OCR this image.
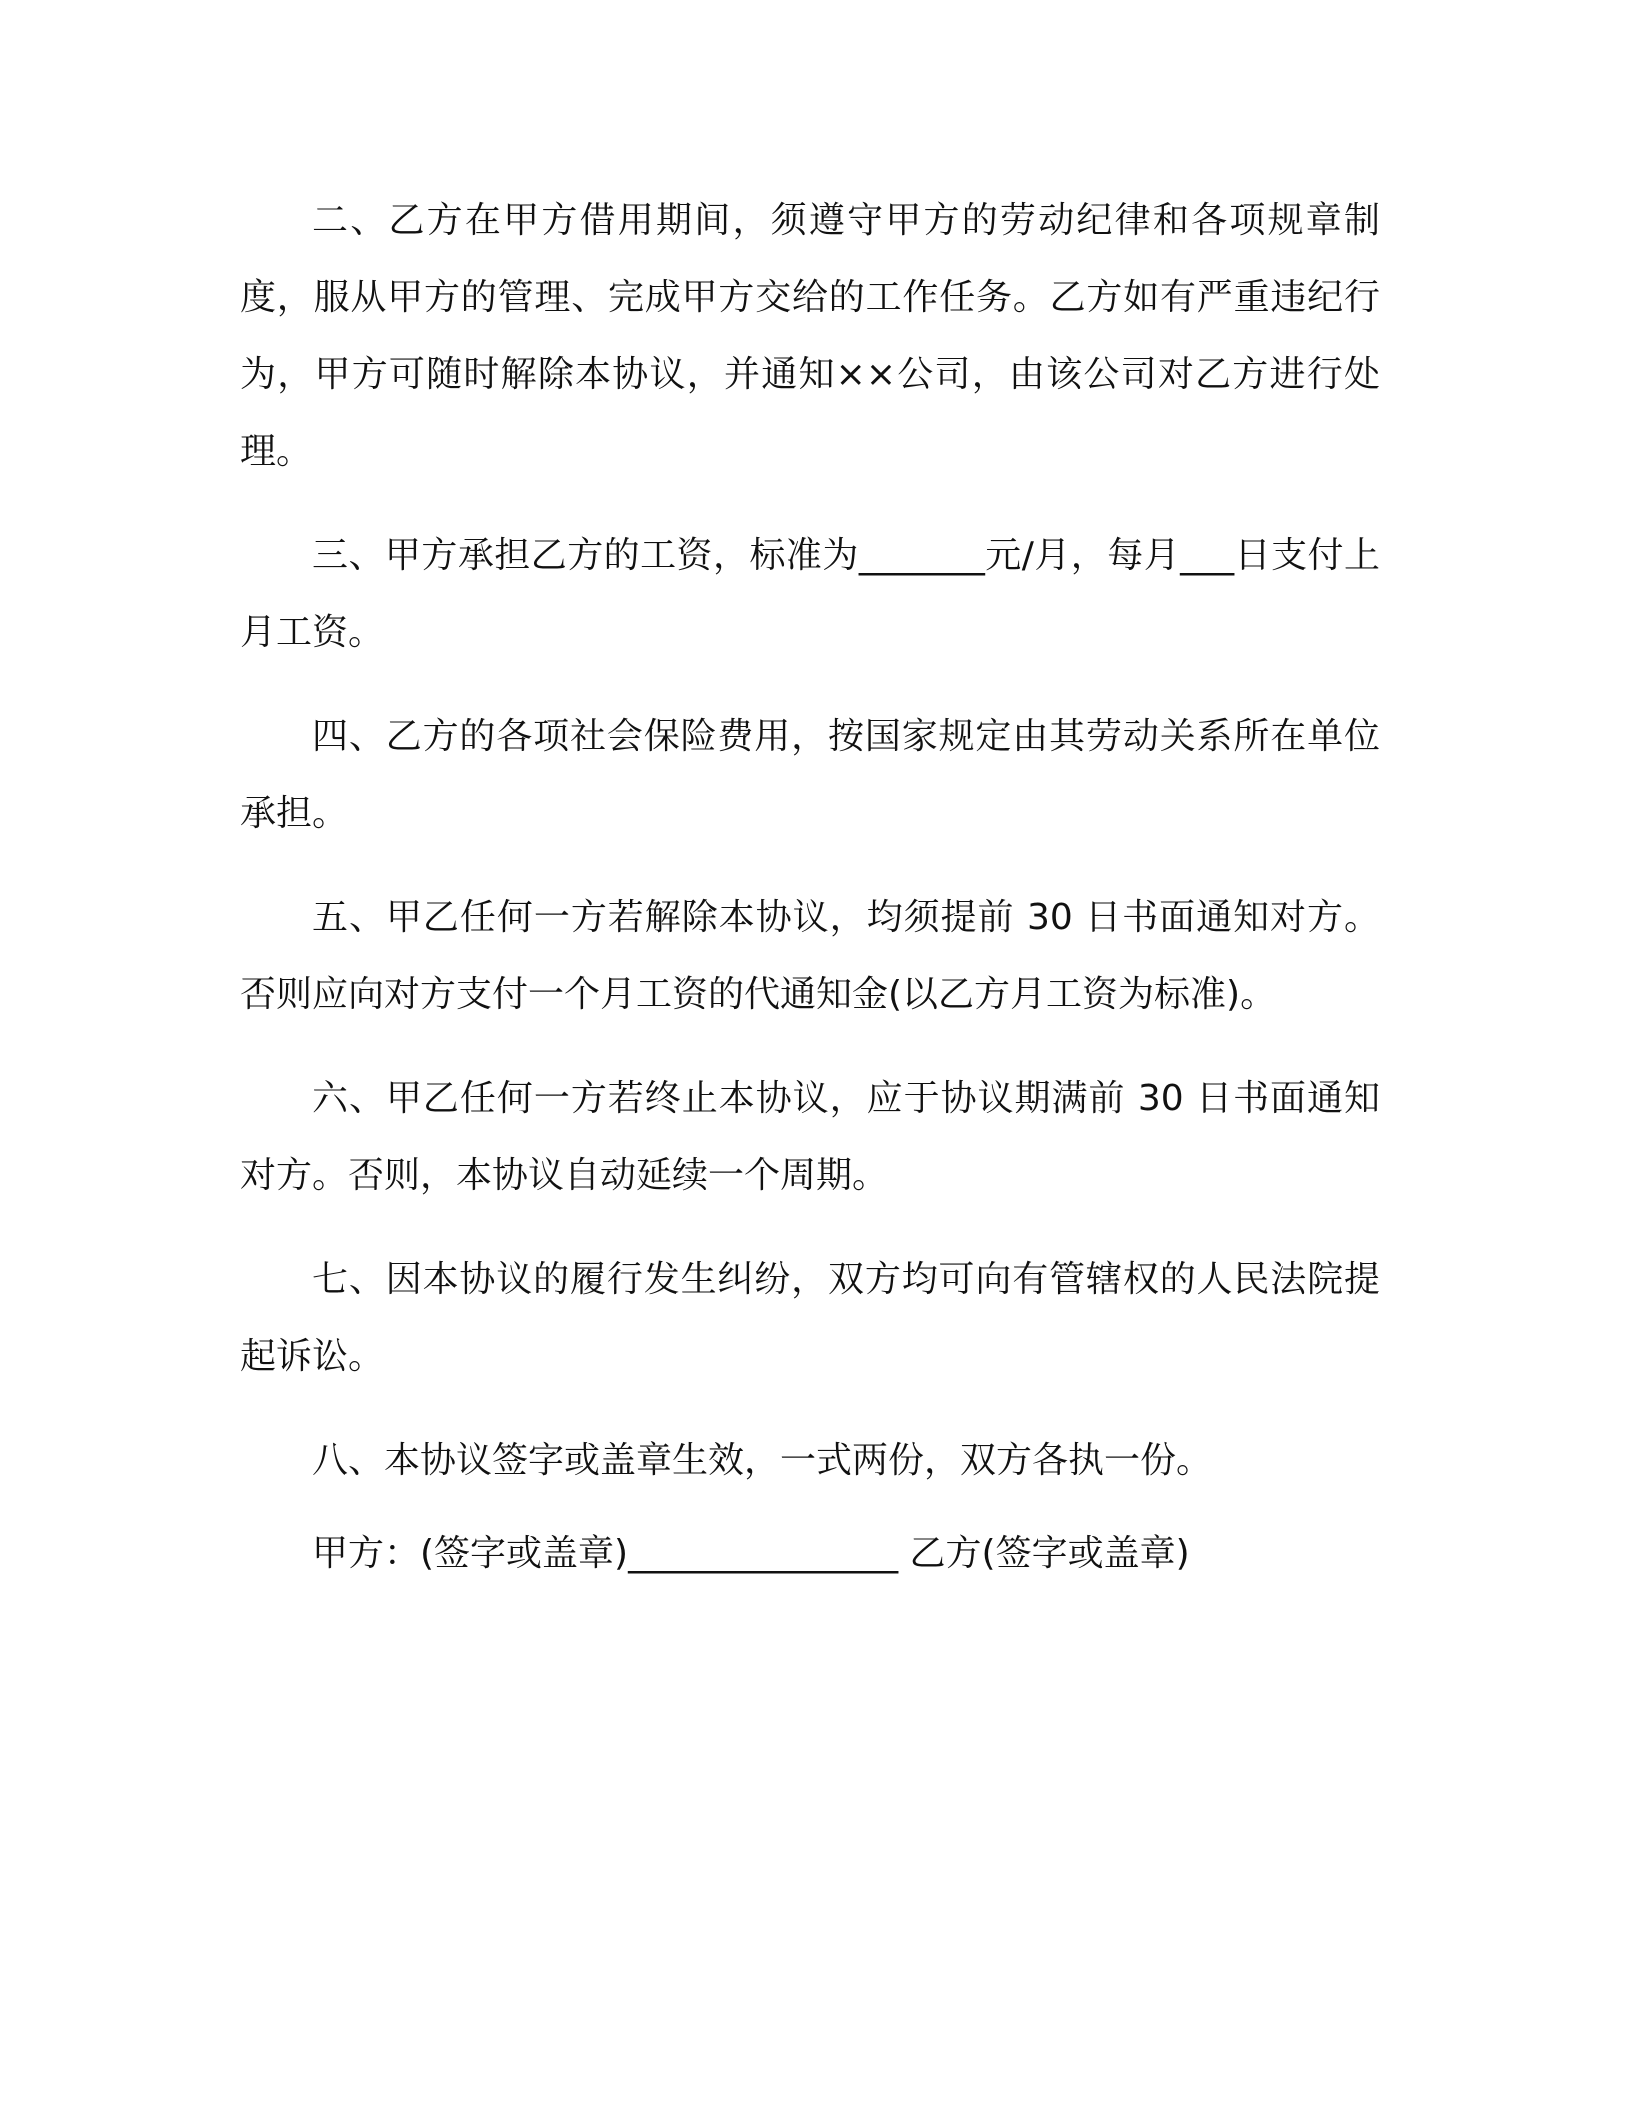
二、乙方在甲方借用期间，须遵守甲方的劳动纪律和各项规章制度，服从甲方的管理、完成甲方交给的工作任务。乙方如有严重违纪行为，甲方可随时解除本协议，并通知××公司，由该公司对乙方进行处理。

三、甲方承担乙方的工资，标准为_______元/月，每月___日支付上月工资。

四、乙方的各项社会保险费用，按国家规定由其劳动关系所在单位承担。

五、甲乙任何一方若解除本协议，均须提前 30 日书面通知对方。否则应向对方支付一个月工资的代通知金(以乙方月工资为标准)。

六、甲乙任何一方若终止本协议，应于协议期满前 30 日书面通知对方。否则，本协议自动延续一个周期。

七、因本协议的履行发生纠纷，双方均可向有管辖权的人民法院提起诉讼。

八、本协议签字或盖章生效，一式两份，双方各执一份。

甲方：(签字或盖章)_______________ 乙方(签字或盖章)
